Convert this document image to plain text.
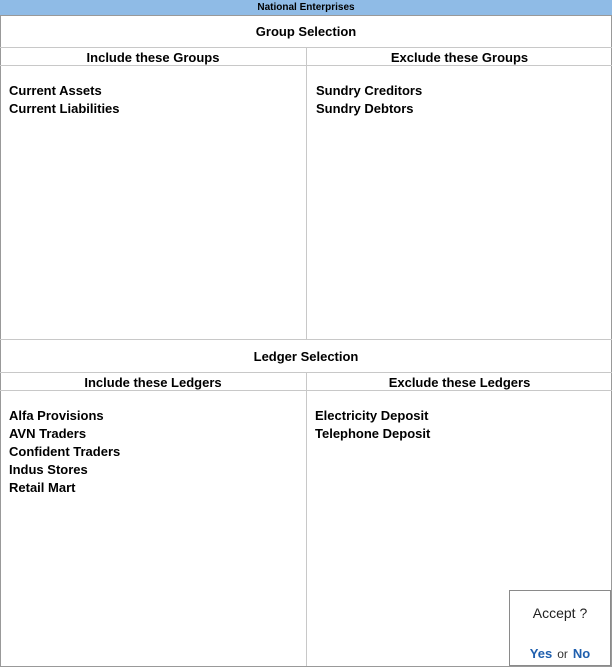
National Enterprises
Group Selection
Include these Groups	Exclude these Groups
Current Assets
Current Liabilities
Sundry Creditors
Sundry Debtors
Ledger Selection
Include these Ledgers	Exclude these Ledgers
Alfa Provisions
AVN Traders
Confident Traders
Indus Stores
Retail Mart
Electricity Deposit
Telephone Deposit
Accept ?
Yes or No
